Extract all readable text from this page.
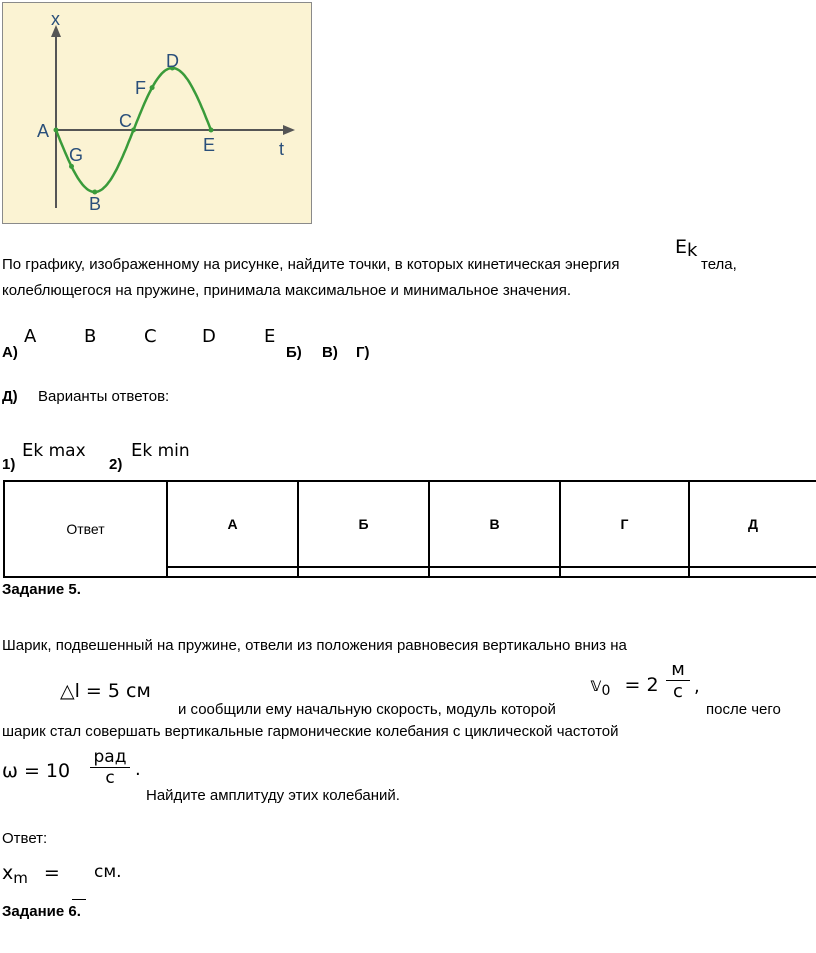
x
t
A
G
B
C
F
D
E
По графику, изображенному на рисунке, найдите точки, в которых кинетическая энергия
Ek
тела,
колеблющегося на пружине, принимала максимальное и минимальное значения.
А)
A	B	C	D	E
Б) В) Г)
Д) Варианты ответов:
1)
Ek max
2)
Ek min
Ответ	А	Б	В	Г	Д

Задание 5.
Шарик, подвешенный на пружине, отвели из положения равновесия вертикально вниз на
△l = 5 см
и сообщили ему начальную скорость, модуль которой
𝕧$_0$ = 2
м
с ,
после чего
шарик стал совершать вертикальные гармонические колебания с циклической частотой
ω = 10
рад
с	.
Найдите амплитуду этих колебаний.
Ответ:
$x_m$ = см.
Задание 6.
